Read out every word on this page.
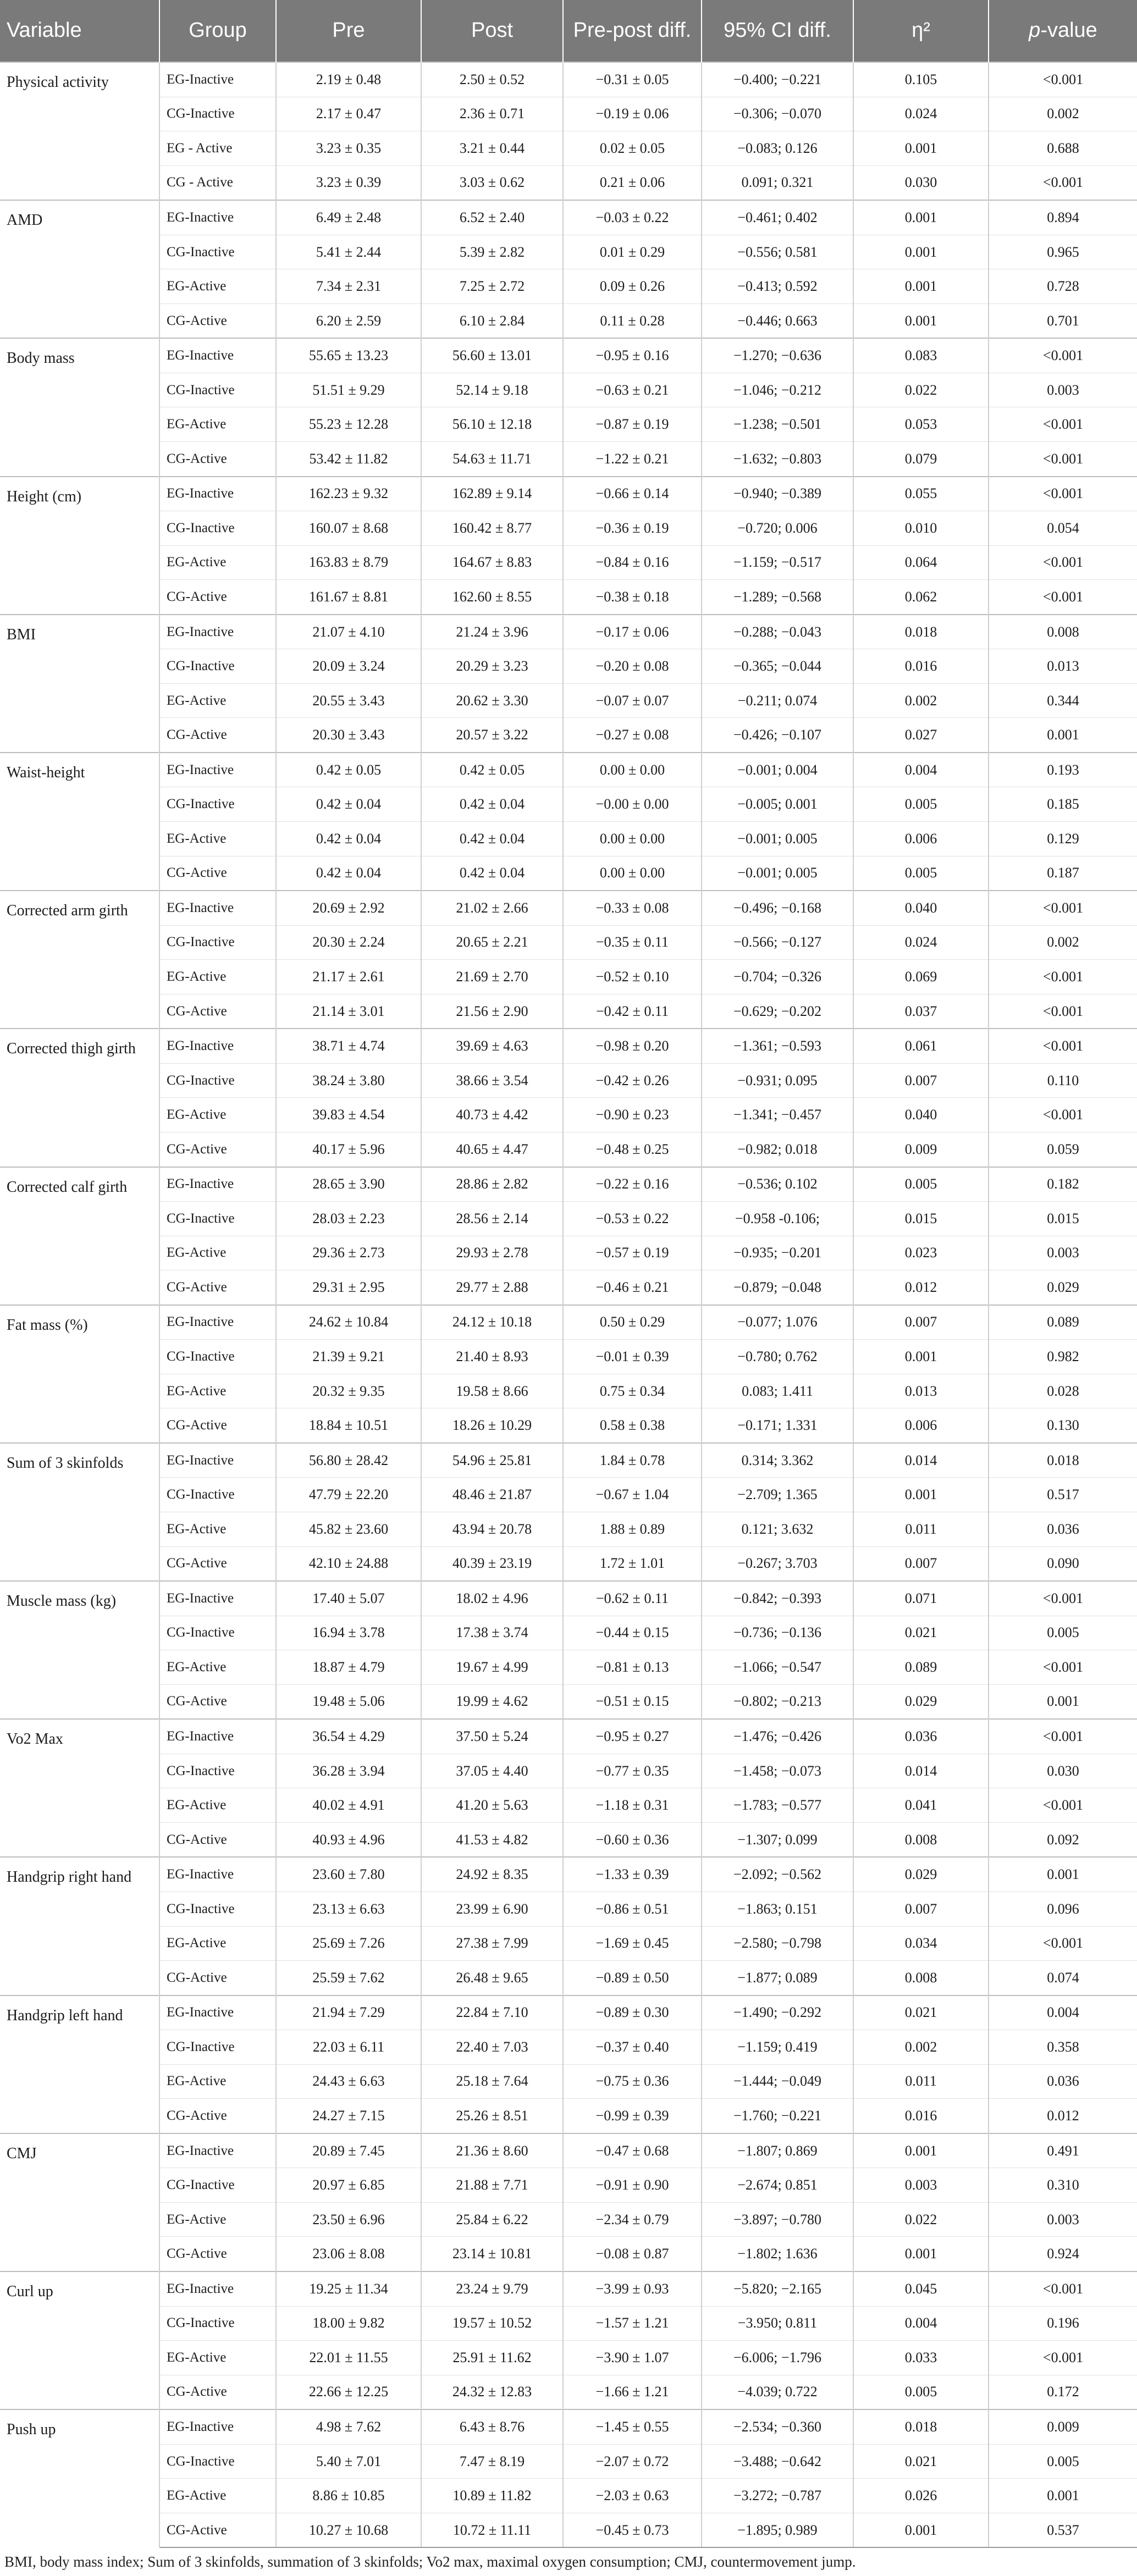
Variable	Group	Pre	Post	Pre-post diff.	95% CI diff.	η²	p-value
Physical activity	EG-Inactive	2.19 ± 0.48	2.50 ± 0.52	−0.31 ± 0.05	−0.400; −0.221	0.105	<0.001
	CG-Inactive	2.17 ± 0.47	2.36 ± 0.71	−0.19 ± 0.06	−0.306; −0.070	0.024	0.002
	EG - Active	3.23 ± 0.35	3.21 ± 0.44	0.02 ± 0.05	−0.083; 0.126	0.001	0.688
	CG - Active	3.23 ± 0.39	3.03 ± 0.62	0.21 ± 0.06	0.091; 0.321	0.030	<0.001
AMD	EG-Inactive	6.49 ± 2.48	6.52 ± 2.40	−0.03 ± 0.22	−0.461; 0.402	0.001	0.894
	CG-Inactive	5.41 ± 2.44	5.39 ± 2.82	0.01 ± 0.29	−0.556; 0.581	0.001	0.965
	EG-Active	7.34 ± 2.31	7.25 ± 2.72	0.09 ± 0.26	−0.413; 0.592	0.001	0.728
	CG-Active	6.20 ± 2.59	6.10 ± 2.84	0.11 ± 0.28	−0.446; 0.663	0.001	0.701
Body mass	EG-Inactive	55.65 ± 13.23	56.60 ± 13.01	−0.95 ± 0.16	−1.270; −0.636	0.083	<0.001
	CG-Inactive	51.51 ± 9.29	52.14 ± 9.18	−0.63 ± 0.21	−1.046; −0.212	0.022	0.003
	EG-Active	55.23 ± 12.28	56.10 ± 12.18	−0.87 ± 0.19	−1.238; −0.501	0.053	<0.001
	CG-Active	53.42 ± 11.82	54.63 ± 11.71	−1.22 ± 0.21	−1.632; −0.803	0.079	<0.001
Height (cm)	EG-Inactive	162.23 ± 9.32	162.89 ± 9.14	−0.66 ± 0.14	−0.940; −0.389	0.055	<0.001
	CG-Inactive	160.07 ± 8.68	160.42 ± 8.77	−0.36 ± 0.19	−0.720; 0.006	0.010	0.054
	EG-Active	163.83 ± 8.79	164.67 ± 8.83	−0.84 ± 0.16	−1.159; −0.517	0.064	<0.001
	CG-Active	161.67 ± 8.81	162.60 ± 8.55	−0.38 ± 0.18	−1.289; −0.568	0.062	<0.001
BMI	EG-Inactive	21.07 ± 4.10	21.24 ± 3.96	−0.17 ± 0.06	−0.288; −0.043	0.018	0.008
	CG-Inactive	20.09 ± 3.24	20.29 ± 3.23	−0.20 ± 0.08	−0.365; −0.044	0.016	0.013
	EG-Active	20.55 ± 3.43	20.62 ± 3.30	−0.07 ± 0.07	−0.211; 0.074	0.002	0.344
	CG-Active	20.30 ± 3.43	20.57 ± 3.22	−0.27 ± 0.08	−0.426; −0.107	0.027	0.001
Waist-height	EG-Inactive	0.42 ± 0.05	0.42 ± 0.05	0.00 ± 0.00	−0.001; 0.004	0.004	0.193
	CG-Inactive	0.42 ± 0.04	0.42 ± 0.04	−0.00 ± 0.00	−0.005; 0.001	0.005	0.185
	EG-Active	0.42 ± 0.04	0.42 ± 0.04	0.00 ± 0.00	−0.001; 0.005	0.006	0.129
	CG-Active	0.42 ± 0.04	0.42 ± 0.04	0.00 ± 0.00	−0.001; 0.005	0.005	0.187
Corrected arm girth	EG-Inactive	20.69 ± 2.92	21.02 ± 2.66	−0.33 ± 0.08	−0.496; −0.168	0.040	<0.001
	CG-Inactive	20.30 ± 2.24	20.65 ± 2.21	−0.35 ± 0.11	−0.566; −0.127	0.024	0.002
	EG-Active	21.17 ± 2.61	21.69 ± 2.70	−0.52 ± 0.10	−0.704; −0.326	0.069	<0.001
	CG-Active	21.14 ± 3.01	21.56 ± 2.90	−0.42 ± 0.11	−0.629; −0.202	0.037	<0.001
Corrected thigh girth	EG-Inactive	38.71 ± 4.74	39.69 ± 4.63	−0.98 ± 0.20	−1.361; −0.593	0.061	<0.001
	CG-Inactive	38.24 ± 3.80	38.66 ± 3.54	−0.42 ± 0.26	−0.931; 0.095	0.007	0.110
	EG-Active	39.83 ± 4.54	40.73 ± 4.42	−0.90 ± 0.23	−1.341; −0.457	0.040	<0.001
	CG-Active	40.17 ± 5.96	40.65 ± 4.47	−0.48 ± 0.25	−0.982; 0.018	0.009	0.059
Corrected calf girth	EG-Inactive	28.65 ± 3.90	28.86 ± 2.82	−0.22 ± 0.16	−0.536; 0.102	0.005	0.182
	CG-Inactive	28.03 ± 2.23	28.56 ± 2.14	−0.53 ± 0.22	−0.958 -0.106;	0.015	0.015
	EG-Active	29.36 ± 2.73	29.93 ± 2.78	−0.57 ± 0.19	−0.935; −0.201	0.023	0.003
	CG-Active	29.31 ± 2.95	29.77 ± 2.88	−0.46 ± 0.21	−0.879; −0.048	0.012	0.029
Fat mass (%)	EG-Inactive	24.62 ± 10.84	24.12 ± 10.18	0.50 ± 0.29	−0.077; 1.076	0.007	0.089
	CG-Inactive	21.39 ± 9.21	21.40 ± 8.93	−0.01 ± 0.39	−0.780; 0.762	0.001	0.982
	EG-Active	20.32 ± 9.35	19.58 ± 8.66	0.75 ± 0.34	0.083; 1.411	0.013	0.028
	CG-Active	18.84 ± 10.51	18.26 ± 10.29	0.58 ± 0.38	−0.171; 1.331	0.006	0.130
Sum of 3 skinfolds	EG-Inactive	56.80 ± 28.42	54.96 ± 25.81	1.84 ± 0.78	0.314; 3.362	0.014	0.018
	CG-Inactive	47.79 ± 22.20	48.46 ± 21.87	−0.67 ± 1.04	−2.709; 1.365	0.001	0.517
	EG-Active	45.82 ± 23.60	43.94 ± 20.78	1.88 ± 0.89	0.121; 3.632	0.011	0.036
	CG-Active	42.10 ± 24.88	40.39 ± 23.19	1.72 ± 1.01	−0.267; 3.703	0.007	0.090
Muscle mass (kg)	EG-Inactive	17.40 ± 5.07	18.02 ± 4.96	−0.62 ± 0.11	−0.842; −0.393	0.071	<0.001
	CG-Inactive	16.94 ± 3.78	17.38 ± 3.74	−0.44 ± 0.15	−0.736; −0.136	0.021	0.005
	EG-Active	18.87 ± 4.79	19.67 ± 4.99	−0.81 ± 0.13	−1.066; −0.547	0.089	<0.001
	CG-Active	19.48 ± 5.06	19.99 ± 4.62	−0.51 ± 0.15	−0.802; −0.213	0.029	0.001
Vo2 Max	EG-Inactive	36.54 ± 4.29	37.50 ± 5.24	−0.95 ± 0.27	−1.476; −0.426	0.036	<0.001
	CG-Inactive	36.28 ± 3.94	37.05 ± 4.40	−0.77 ± 0.35	−1.458; −0.073	0.014	0.030
	EG-Active	40.02 ± 4.91	41.20 ± 5.63	−1.18 ± 0.31	−1.783; −0.577	0.041	<0.001
	CG-Active	40.93 ± 4.96	41.53 ± 4.82	−0.60 ± 0.36	−1.307; 0.099	0.008	0.092
Handgrip right hand	EG-Inactive	23.60 ± 7.80	24.92 ± 8.35	−1.33 ± 0.39	−2.092; −0.562	0.029	0.001
	CG-Inactive	23.13 ± 6.63	23.99 ± 6.90	−0.86 ± 0.51	−1.863; 0.151	0.007	0.096
	EG-Active	25.69 ± 7.26	27.38 ± 7.99	−1.69 ± 0.45	−2.580; −0.798	0.034	<0.001
	CG-Active	25.59 ± 7.62	26.48 ± 9.65	−0.89 ± 0.50	−1.877; 0.089	0.008	0.074
Handgrip left hand	EG-Inactive	21.94 ± 7.29	22.84 ± 7.10	−0.89 ± 0.30	−1.490; −0.292	0.021	0.004
	CG-Inactive	22.03 ± 6.11	22.40 ± 7.03	−0.37 ± 0.40	−1.159; 0.419	0.002	0.358
	EG-Active	24.43 ± 6.63	25.18 ± 7.64	−0.75 ± 0.36	−1.444; −0.049	0.011	0.036
	CG-Active	24.27 ± 7.15	25.26 ± 8.51	−0.99 ± 0.39	−1.760; −0.221	0.016	0.012
CMJ	EG-Inactive	20.89 ± 7.45	21.36 ± 8.60	−0.47 ± 0.68	−1.807; 0.869	0.001	0.491
	CG-Inactive	20.97 ± 6.85	21.88 ± 7.71	−0.91 ± 0.90	−2.674; 0.851	0.003	0.310
	EG-Active	23.50 ± 6.96	25.84 ± 6.22	−2.34 ± 0.79	−3.897; −0.780	0.022	0.003
	CG-Active	23.06 ± 8.08	23.14 ± 10.81	−0.08 ± 0.87	−1.802; 1.636	0.001	0.924
Curl up	EG-Inactive	19.25 ± 11.34	23.24 ± 9.79	−3.99 ± 0.93	−5.820; −2.165	0.045	<0.001
	CG-Inactive	18.00 ± 9.82	19.57 ± 10.52	−1.57 ± 1.21	−3.950; 0.811	0.004	0.196
	EG-Active	22.01 ± 11.55	25.91 ± 11.62	−3.90 ± 1.07	−6.006; −1.796	0.033	<0.001
	CG-Active	22.66 ± 12.25	24.32 ± 12.83	−1.66 ± 1.21	−4.039; 0.722	0.005	0.172
Push up	EG-Inactive	4.98 ± 7.62	6.43 ± 8.76	−1.45 ± 0.55	−2.534; −0.360	0.018	0.009
	CG-Inactive	5.40 ± 7.01	7.47 ± 8.19	−2.07 ± 0.72	−3.488; −0.642	0.021	0.005
	EG-Active	8.86 ± 10.85	10.89 ± 11.82	−2.03 ± 0.63	−3.272; −0.787	0.026	0.001
	CG-Active	10.27 ± 10.68	10.72 ± 11.11	−0.45 ± 0.73	−1.895; 0.989	0.001	0.537
BMI, body mass index; Sum of 3 skinfolds, summation of 3 skinfolds; Vo2 max, maximal oxygen consumption; CMJ, countermovement jump.
